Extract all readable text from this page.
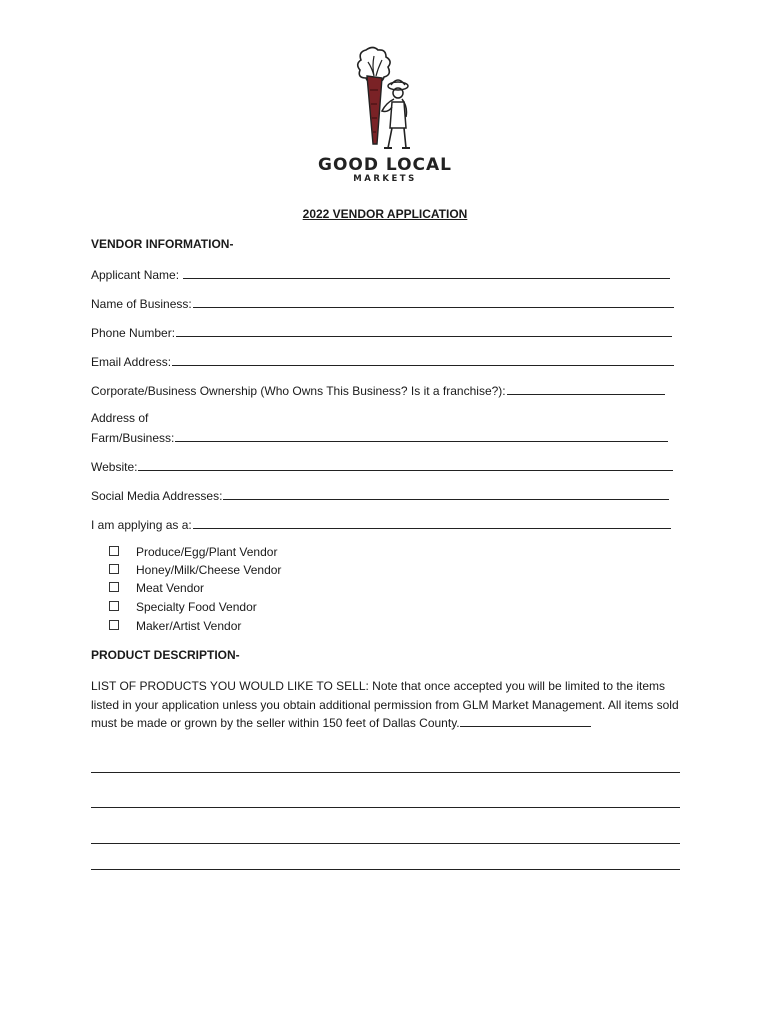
GOOD LOCAL
MARKETS
2022 VENDOR APPLICATION
VENDOR INFORMATION-
Applicant Name:
Name of Business:
Phone Number:
Email Address:
Corporate/Business Ownership (Who Owns This Business? Is it a franchise?):
Address of
Farm/Business:
Website:
Social Media Addresses:
I am applying as a:
Produce/Egg/Plant Vendor
Honey/Milk/Cheese Vendor
Meat Vendor
Specialty Food Vendor
Maker/Artist Vendor
PRODUCT DESCRIPTION-
LIST OF PRODUCTS YOU WOULD LIKE TO SELL: Note that once accepted you will be limited to the items listed in your application unless you obtain additional permission from GLM Market Management. All items sold must be made or grown by the seller within 150 feet of Dallas County.
